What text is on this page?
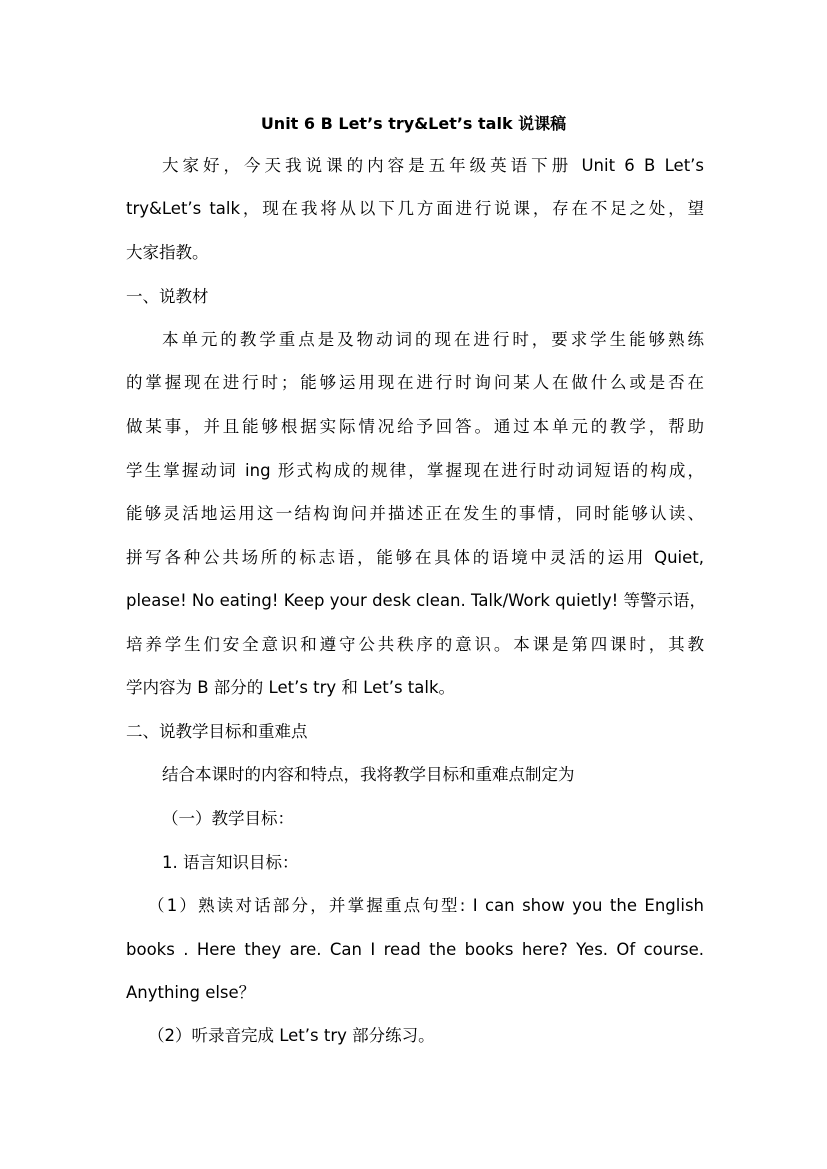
Unit 6 B Let’s try&Let’s talk 说课稿
大家好，今天我说课的内容是五年级英语下册 Unit 6 B Let’s
try&Let’s talk，现在我将从以下几方面进行说课，存在不足之处，望
大家指教。
一、说教材
本单元的教学重点是及物动词的现在进行时，要求学生能够熟练
的掌握现在进行时；能够运用现在进行时询问某人在做什么或是否在
做某事，并且能够根据实际情况给予回答。通过本单元的教学，帮助
学生掌握动词 ing 形式构成的规律，掌握现在进行时动词短语的构成，
能够灵活地运用这一结构询问并描述正在发生的事情，同时能够认读、
拼写各种公共场所的标志语，能够在具体的语境中灵活的运用 Quiet,
please! No eating! Keep your desk clean. Talk/Work quietly! 等警示语，
培养学生们安全意识和遵守公共秩序的意识。本课是第四课时，其教
学内容为 B 部分的 Let’s try 和 Let’s talk。
二、说教学目标和重难点
结合本课时的内容和特点，我将教学目标和重难点制定为
（一）教学目标：
1. 语言知识目标：
（1）熟读对话部分，并掌握重点句型: I can show you the English
books . Here they are. Can I read the books here? Yes. Of course.
Anything else？
（2）听录音完成 Let’s try 部分练习。
